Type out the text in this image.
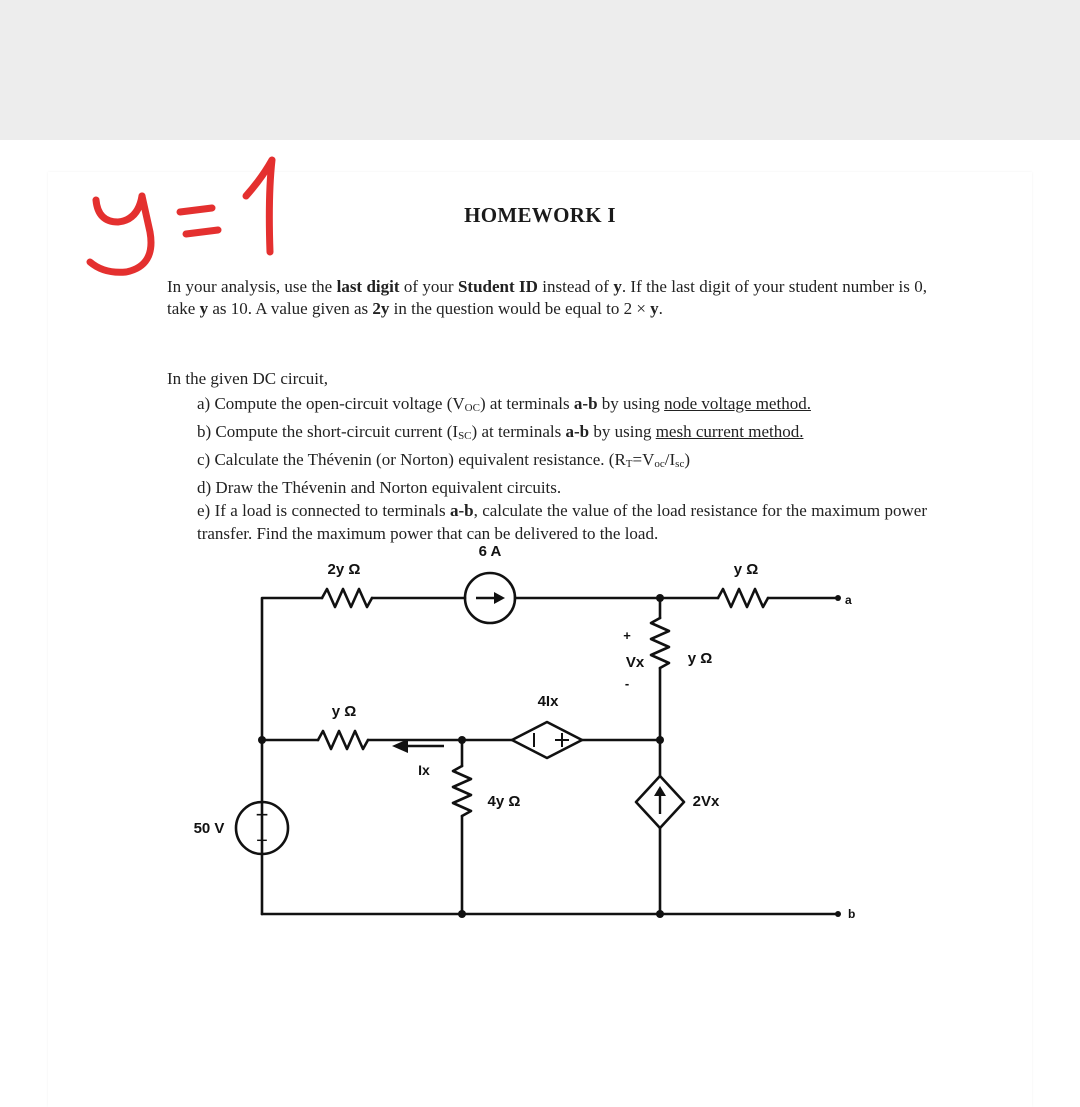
HOMEWORK I
In your analysis, use the last digit of your Student ID instead of y. If the last digit of your student number is 0, take y as 10. A value given as 2y in the question would be equal to 2 × y.
In the given DC circuit,
a) Compute the open-circuit voltage $(V_{OC})$ at terminals a-b by using node voltage method.
b) Compute the short-circuit current $(I_{SC})$ at terminals a-b by using mesh current method.
c) Calculate the Thévenin (or Norton) equivalent resistance. $(R_T=V_{oc}/I_{sc})$
d) Draw the Thévenin and Norton equivalent circuits.
e) If a load is connected to terminals a-b, calculate the value of the load resistance for the maximum power transfer. Find the maximum power that can be delivered to the load.
2y Ω
6 A
y Ω
a
b
+
Vx
-
y Ω
y Ω
4Ix
Ix
4y Ω	2Vx
50 V
+
−
